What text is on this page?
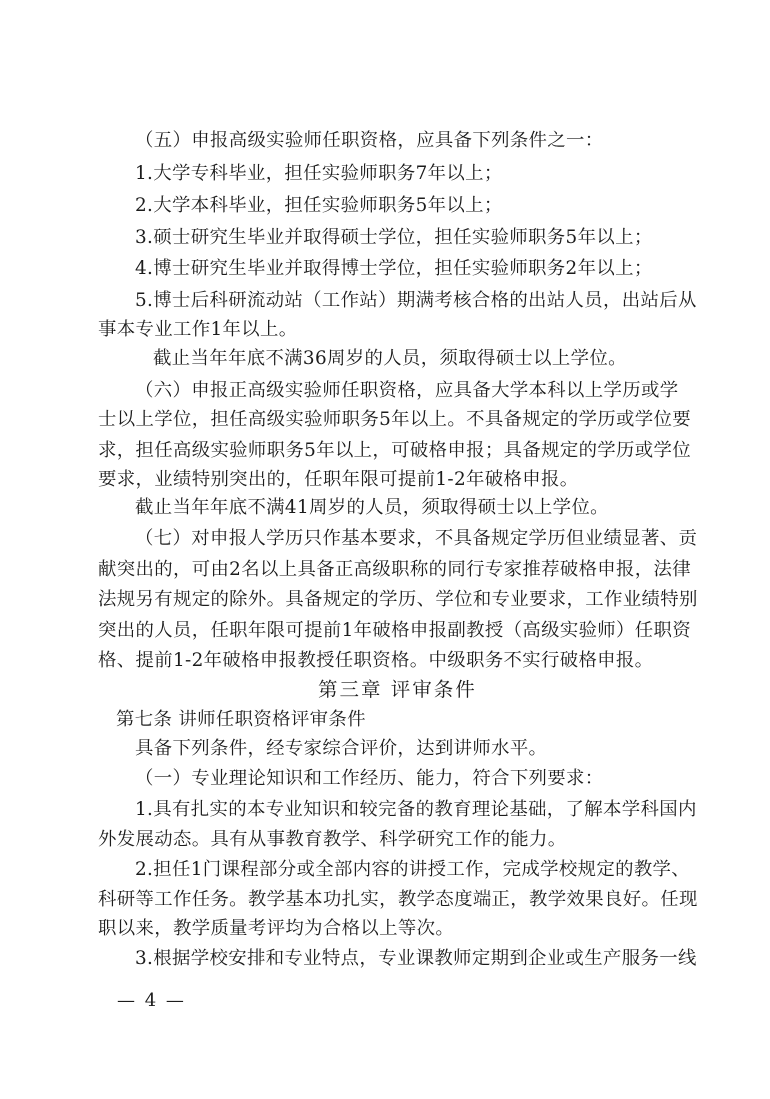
（五）申报高级实验师任职资格，应具备下列条件之一：
1.大学专科毕业，担任实验师职务7年以上；
2.大学本科毕业，担任实验师职务5年以上；
3.硕士研究生毕业并取得硕士学位，担任实验师职务5年以上；
4.博士研究生毕业并取得博士学位，担任实验师职务2年以上；
5.博士后科研流动站（工作站）期满考核合格的出站人员，出站后从
事本专业工作1年以上。
截止当年年底不满36周岁的人员，须取得硕士以上学位。
（六）申报正高级实验师任职资格，应具备大学本科以上学历或学
士以上学位，担任高级实验师职务5年以上。不具备规定的学历或学位要
求，担任高级实验师职务5年以上，可破格申报；具备规定的学历或学位
要求，业绩特别突出的，任职年限可提前1-2年破格申报。
截止当年年底不满41周岁的人员，须取得硕士以上学位。
（七）对申报人学历只作基本要求，不具备规定学历但业绩显著、贡
献突出的，可由2名以上具备正高级职称的同行专家推荐破格申报，法律
法规另有规定的除外。具备规定的学历、学位和专业要求，工作业绩特别
突出的人员，任职年限可提前1年破格申报副教授（高级实验师）任职资
格、提前1-2年破格申报教授任职资格。中级职务不实行破格申报。
第三章 评审条件
第七条 讲师任职资格评审条件
具备下列条件，经专家综合评价，达到讲师水平。
（一）专业理论知识和工作经历、能力，符合下列要求：
1.具有扎实的本专业知识和较完备的教育理论基础，了解本学科国内
外发展动态。具有从事教育教学、科学研究工作的能力。
2.担任1门课程部分或全部内容的讲授工作，完成学校规定的教学、
科研等工作任务。教学基本功扎实，教学态度端正，教学效果良好。任现
职以来，教学质量考评均为合格以上等次。
3.根据学校安排和专业特点，专业课教师定期到企业或生产服务一线
— 4 —
